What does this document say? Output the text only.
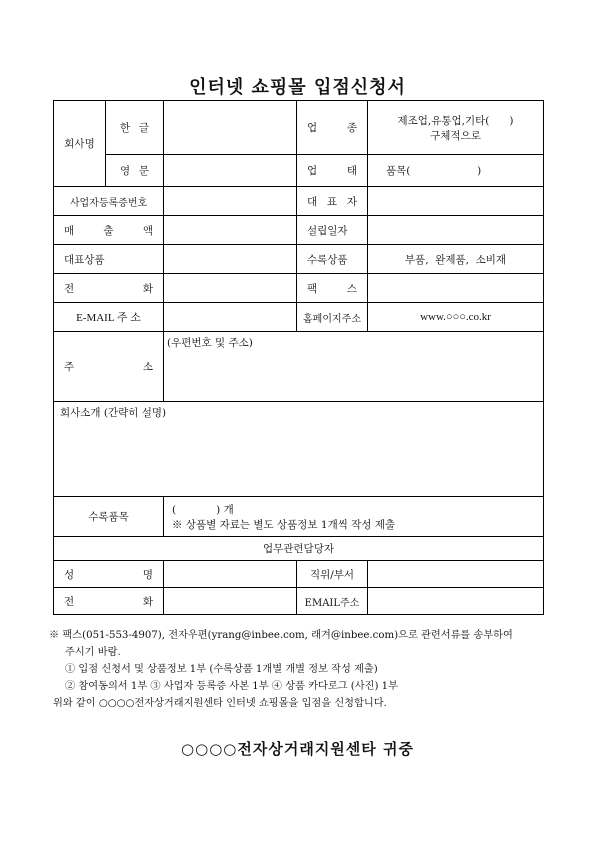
인터넷 쇼핑몰 입점신청서
회사명	한 글		업 종	제조업,유통업,기타(      )
구체적으로

	영 문		업 태	품목(                    )
사업자등록증번호			대 표 자	
매 출 액			설립일자	
대표상품			수록상품	부품,  완제품,  소비재
전 화			팩 스	
E-MAIL 주 소			홈페이지주소	www.○○○.co.kr
주 소		(우편번호 및 주소)		
회사소개 (간략히 설명)				
수록품목		(            ) 개
※ 상품별 자료는 별도 상품정보 1개씩 작성 제출		

업무관련담당자				
성 명			직위/부서	
전 화			EMAIL주소	
※ 팩스(051-553-4907), 전자우편(yrang@inbee.com, 래겨@inbee.com)으로 관련서류를 송부하여
주시기 바람.
① 입점 신청서 및 상품정보 1부 (수록상품 1개별 개별 정보 작성 제출)
② 참여동의서 1부 ③ 사업자 등록증 사본 1부 ④ 상품 카다로그 (사진) 1부
위와 같이 ○○○○전자상거래지원센타 인터넷 쇼핑몰을 입점을 신청합니다.
○○○○전자상거래지원센타 귀중
